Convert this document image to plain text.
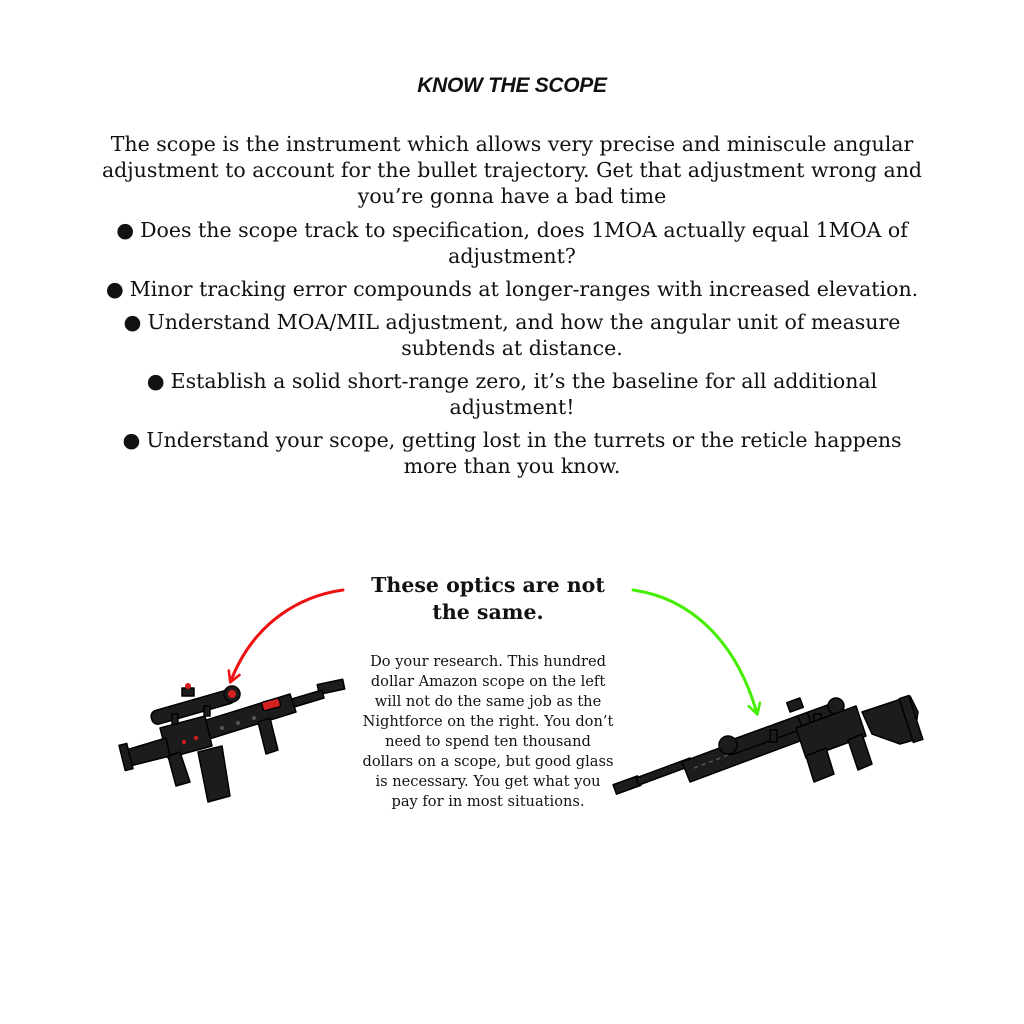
KNOW THE SCOPE

The scope is the instrument which allows very precise and miniscule angular adjustment to account for the bullet trajectory. Get that adjustment wrong and you’re gonna have a bad time

● Does the scope track to specification, does 1MOA actually equal 1MOA of adjustment?
● Minor tracking error compounds at longer-ranges with increased elevation.
● Understand MOA/MIL adjustment, and how the angular unit of measure subtends at distance.
● Establish a solid short-range zero, it’s the baseline for all additional adjustment!
● Understand your scope, getting lost in the turrets or the reticle happens more than you know.
These optics are not the same.

Do your research. This hundred dollar Amazon scope on the left will not do the same job as the Nightforce on the right. You don’t need to spend ten thousand dollars on a scope, but good glass is necessary. You get what you pay for in most situations.
